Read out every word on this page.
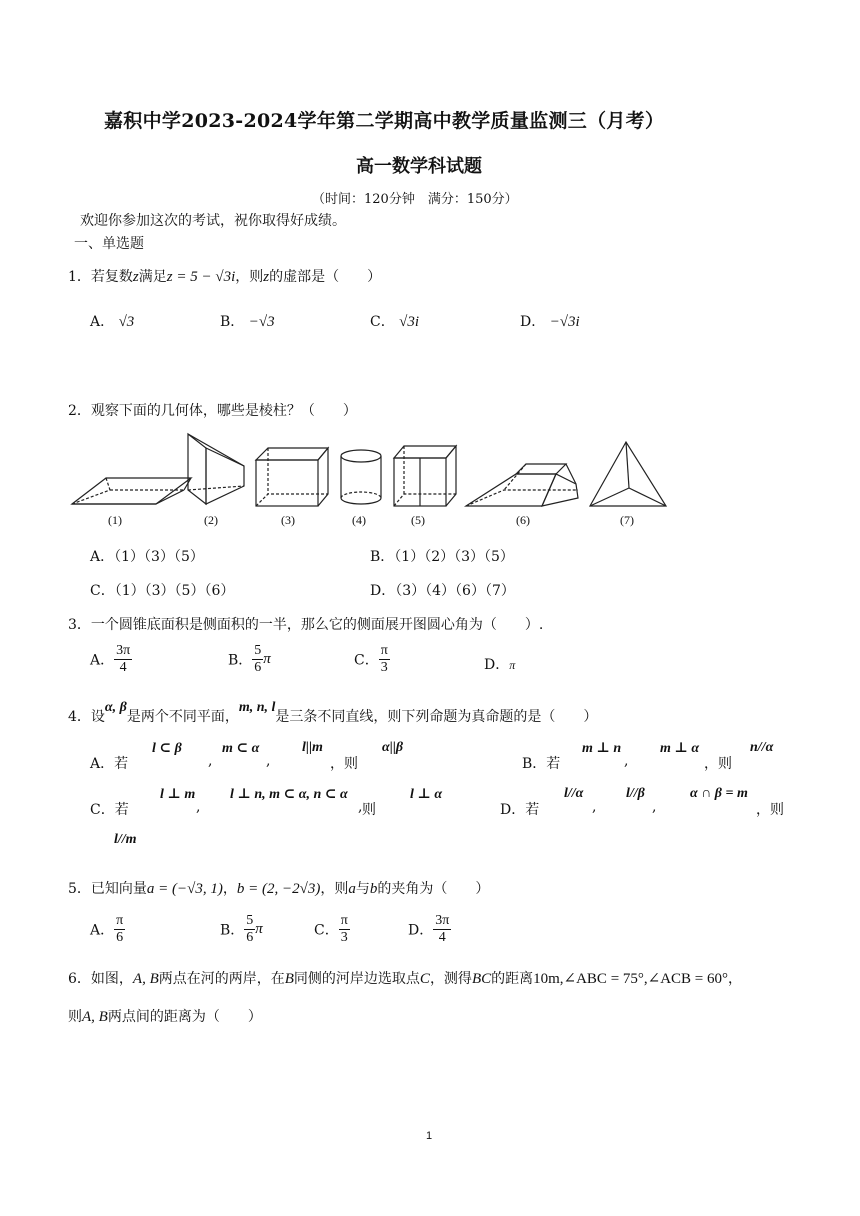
嘉积中学2023-2024学年第二学期高中教学质量监测三（月考）
高一数学科试题
（时间：120分钟　满分：150分）
欢迎你参加这次的考试，祝你取得好成绩。
一、单选题
1．若复数z满足z = 5 − √3i，则z的虚部是（　　）
A． √3	B． −√3	C． √3i	D． −√3i
2．观察下面的几何体，哪些是棱柱？（　　）
(1)	(2)	(3)	(4)	(5)	(6)	(7)
A．（1）（3）（5）	B．（1）（2）（3）（5）
C．（1）（3）（5）（6）	D．（3）（4）（6）（7）
3．一个圆锥底面积是侧面积的一半，那么它的侧面展开图圆心角为（　　）.
A． $\frac{3\pi}{4}$	B． $\frac{5}{6}$ π	C． $\frac{\pi}{3}$	D．π
4．设α, β是两个不同平面，m, n, l是三条不同直线，则下列命题为真命题的是（　　）
A．若
l ⊂ β
,
m ⊂ α
,
l||m
，则
α||β
B．若
m ⊥ n
,
m ⊥ α
，则
n//α
C．若
l ⊥ m
,
l ⊥ n, m ⊂ α, n ⊂ α
, 则
l ⊥ α
D．若
l//α
,
l//β
,
α ∩ β = m
，则
l//m
5．已知向量a = (−√3, 1)，b = (2, −2√3)，则a与b的夹角为（　　）
A． $\frac{\pi}{6}$	B． $\frac{5}{6}$ π	C． $\frac{\pi}{3}$	D． $\frac{3\pi}{4}$
6．如图，A, B两点在河的两岸，在B同侧的河岸边选取点C，测得BC的距离10m,∠ABC = 75°,∠ACB = 60°，
则A, B两点间的距离为（　　）
1
